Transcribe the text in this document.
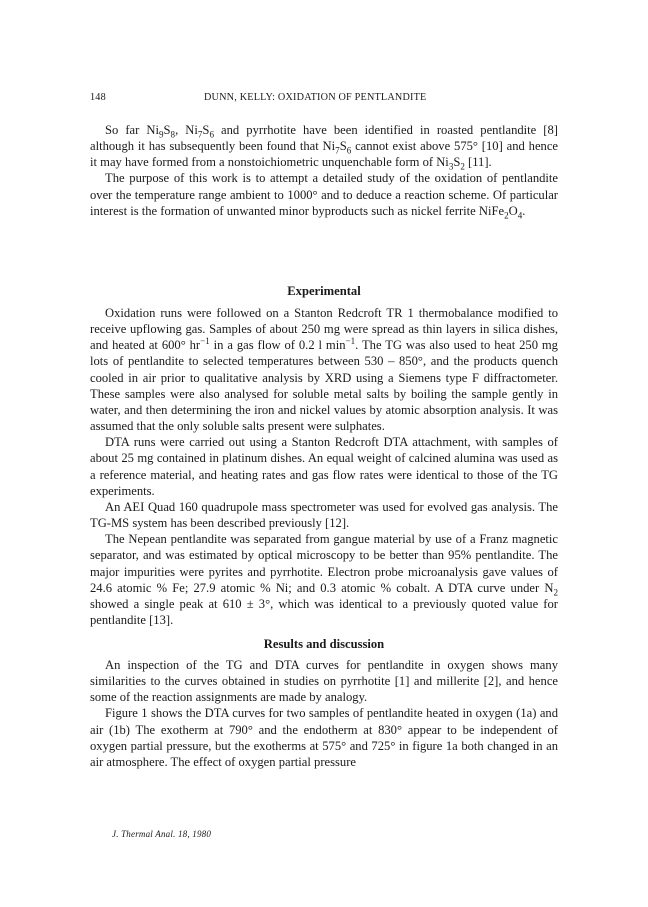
148	DUNN, KELLY: OXIDATION OF PENTLANDITE

So far $Ni_9S_8$, $Ni_7S_6$ and pyrrhotite have been identified in roasted pentlandite [8] although it has subsequently been found that $Ni_7S_6$ cannot exist above 575° [10] and hence it may have formed from a nonstoichiometric unquenchable form of $Ni_3S_2$ [11].

The purpose of this work is to attempt a detailed study of the oxidation of pentlandite over the temperature range ambient to 1000° and to deduce a reaction scheme. Of particular interest is the formation of unwanted minor byproducts such as nickel ferrite $NiFe_2O_4$.

Experimental

Oxidation runs were followed on a Stanton Redcroft TR 1 thermobalance modified to receive upflowing gas. Samples of about 250 mg were spread as thin layers in silica dishes, and heated at 600° $hr^{-1}$ in a gas flow of 0.2 l $\min^{-1}$. The TG was also used to heat 250 mg lots of pentlandite to selected temperatures between 530 – 850°, and the products quench cooled in air prior to qualitative analysis by XRD using a Siemens type F diffractometer. These samples were also analysed for soluble metal salts by boiling the sample gently in water, and then determining the iron and nickel values by atomic absorption analysis. It was assumed that the only soluble salts present were sulphates.

DTA runs were carried out using a Stanton Redcroft DTA attachment, with samples of about 25 mg contained in platinum dishes. An equal weight of calcined alumina was used as a reference material, and heating rates and gas flow rates were identical to those of the TG experiments.

An AEI Quad 160 quadrupole mass spectrometer was used for evolved gas analysis. The TG-MS system has been described previously [12].

The Nepean pentlandite was separated from gangue material by use of a Franz magnetic separator, and was estimated by optical microscopy to be better than 95% pentlandite. The major impurities were pyrites and pyrrhotite. Electron probe microanalysis gave values of 24.6 atomic % Fe; 27.9 atomic % Ni; and 0.3 atomic % cobalt. A DTA curve under $N_2$ showed a single peak at 610 ± 3°, which was identical to a previously quoted value for pentlandite [13].

Results and discussion

An inspection of the TG and DTA curves for pentlandite in oxygen shows many similarities to the curves obtained in studies on pyrrhotite [1] and millerite [2], and hence some of the reaction assignments are made by analogy.

Figure 1 shows the DTA curves for two samples of pentlandite heated in oxygen (1a) and air (1b) The exotherm at 790° and the endotherm at 830° appear to be independent of oxygen partial pressure, but the exotherms at 575° and 725° in figure 1a both changed in an air atmosphere. The effect of oxygen partial pressure

J. Thermal Anal. 18, 1980
